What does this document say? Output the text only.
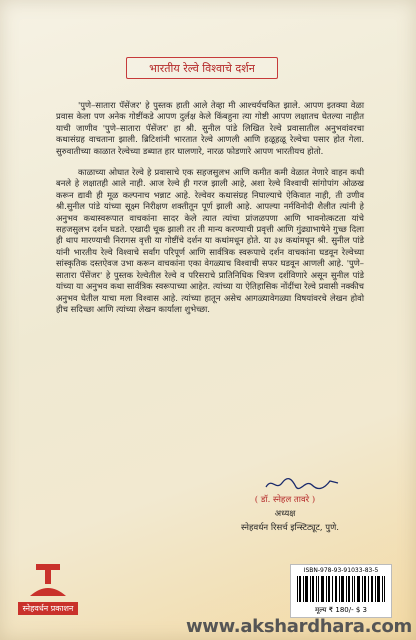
भारतीय रेल्वे विश्वाचे दर्शन

'पुणे–सातारा पॅसेंजर' हे पुस्तक हाती आले तेव्हा मी आश्चर्यचकित झाले. आपण इतक्या वेळा प्रवास केला पण अनेक गोष्टींकडे आपण दुर्लक्ष केले किंबहुना त्या गोष्टी आपण लक्षातच घेतल्या नाहीत याची जाणीव 'पुणे–सातारा पॅसेंजर' हा श्री. सुनील पांडे लिखित रेल्वे प्रवासातील अनुभवांवरचा कथासंग्रह वाचताना झाली. ब्रिटिशांनी भारतात रेल्वे आणली आणि हळूहळू रेल्वेचा पसार होत गेला. सुरुवातीच्या काळात रेल्वेच्या डब्यात हार घालणारे, नारळ फोडणारे आपण भारतीयच होतो.

काळाच्या ओघात रेल्वे हे प्रवासाचे एक सहजसुलभ आणि कमीत कमी वेळात नेणारे वाहन कधी बनले हे लक्षातही आले नाही. आज रेल्वे ही गरज झाली आहे, अशा रेल्वे विश्वाची सांगोपांग ओळख करून द्यावी ही मूळ कल्पनाच भन्नाट आहे. रेल्वेवर कथासंग्रह निघाल्याचे ऐकिवात नाही, ती उणीव श्री.सुनील पांडे यांच्या सूक्ष्म निरीक्षण शक्तीतून पूर्ण झाली आहे. आपल्या नर्मविनोदी शैलीत त्यांनी हे अनुभव कथास्वरूपात वाचकांना सादर केले त्यात त्यांचा प्रांजळपणा आणि भावनोत्कटता यांचे सहजसुलभ दर्शन घडते. एखादी चूक झाली तर ती मान्य करण्याची प्रवृत्ती आणि गुंढ्याभाषेने गुच्छ दिला ही थाप मारण्याची निरागस वृत्ती या गोष्टींचे दर्शन या कथांमधून होते. या ३४ कथांमधून श्री. सुनील पांडे यांनी भारतीय रेल्वे विश्वाचे सर्वांग परिपूर्ण आणि सार्वत्रिक स्वरूपाचे दर्शन वाचकांना घडवून रेल्वेच्या सांस्कृतिक दस्तऐवज उभा करून वाचकांना एका वेगळ्याच विश्वाची सफर घडवून आणली आहे. 'पुणे–सातारा पॅसेंजर' हे पुस्तक रेल्वेतील रेल्वे व परिसराचे प्रातिनिधिक चित्रण दर्शविणारे असून सुनील पांडे यांच्या या अनुभव कथा सार्वत्रिक स्वरूपाच्या आहेत. त्यांच्या या ऐतिहासिक नोंदींचा रेल्वे प्रवासी नक्कीच अनुभव घेतील याचा मला विश्वास आहे. त्यांच्या हातून असेच आगळ्यावेगळ्या विषयांवरचे लेखन होवो हीच सदिच्छा आणि त्यांच्या लेखन कार्याला शुभेच्छा.

( डॉ. स्नेहल तावरे )
अध्यक्ष
स्नेहवर्धन रिसर्च इन्स्टिट्यूट, पुणे.
स्नेहवर्धन प्रकाशन
ISBN-978-93-91033-83-5
मूल्य ₹ 180/- $ 3
www.akshardhara.com
